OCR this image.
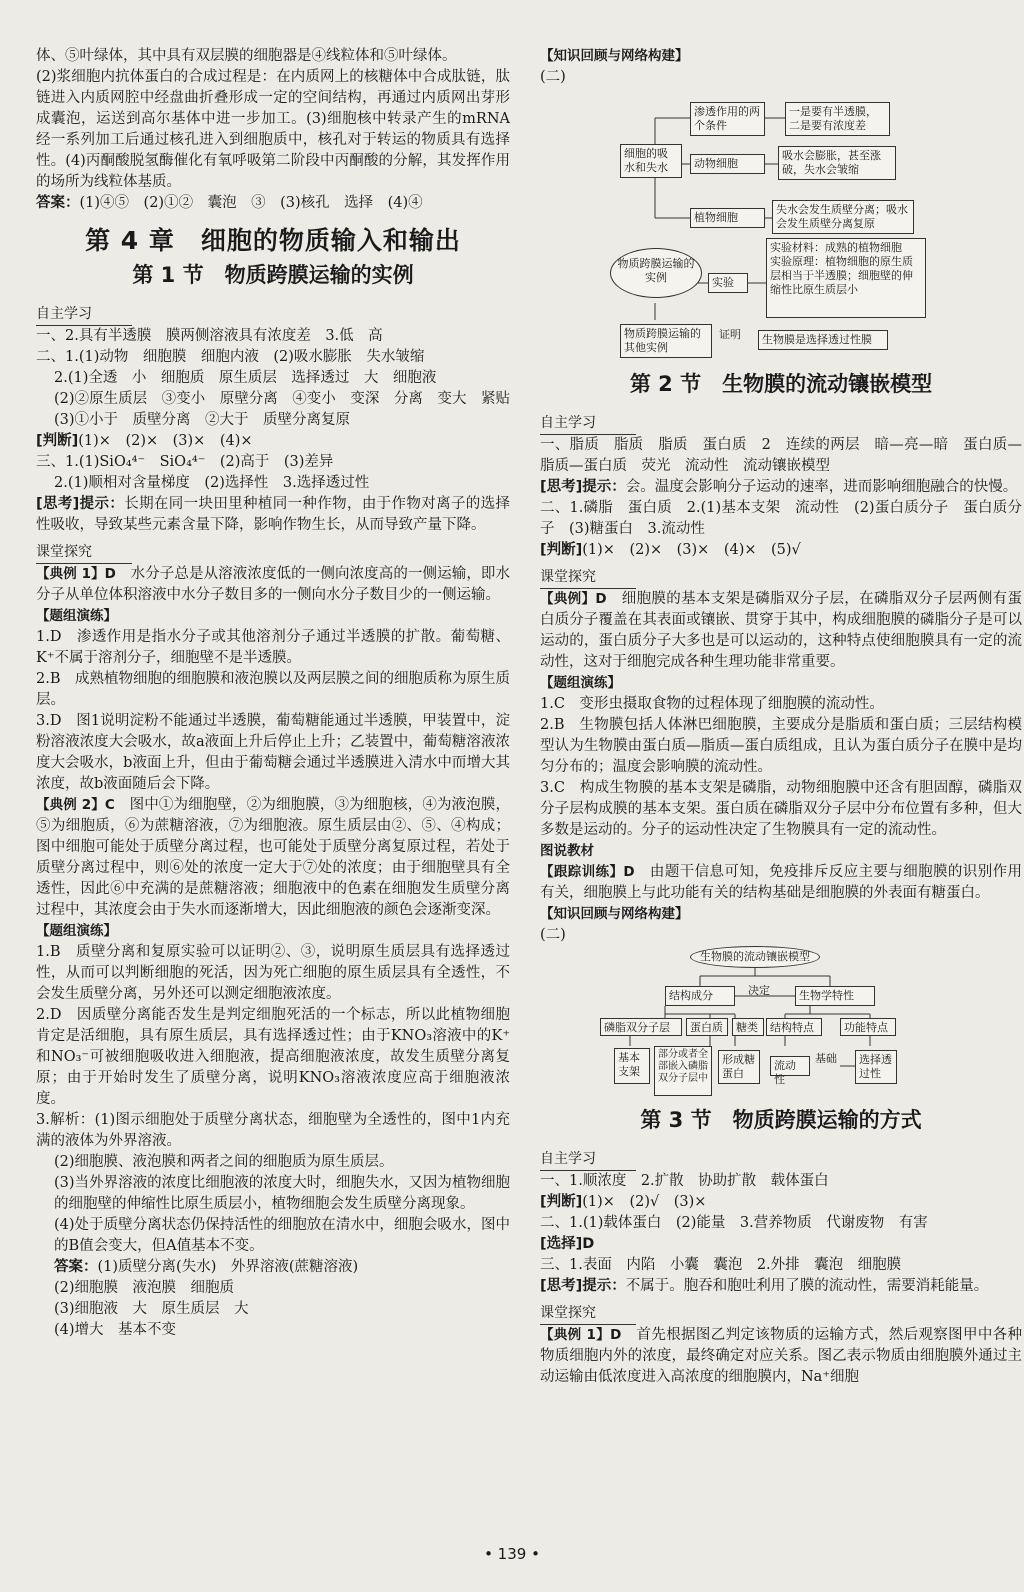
体、⑤叶绿体，其中具有双层膜的细胞器是④线粒体和⑤叶绿体。

(2)浆细胞内抗体蛋白的合成过程是：在内质网上的核糖体中合成肽链，肽链进入内质网腔中经盘曲折叠形成一定的空间结构，再通过内质网出芽形成囊泡，运送到高尔基体中进一步加工。(3)细胞核中转录产生的mRNA经一系列加工后通过核孔进入到细胞质中，核孔对于转运的物质具有选择性。(4)丙酮酸脱氢酶催化有氧呼吸第二阶段中丙酮酸的分解，其发挥作用的场所为线粒体基质。

答案：(1)④⑤　(2)①②　囊泡　③　(3)核孔　选择　(4)④

第 4 章　细胞的物质输入和输出
第 1 节　物质跨膜运输的实例
自主学习

一、2.具有半透膜　膜两侧溶液具有浓度差　3.低　高

二、1.(1)动物　细胞膜　细胞内液　(2)吸水膨胀　失水皱缩

2.(1)全透　小　细胞质　原生质层　选择透过　大　细胞液

(2)②原生质层　③变小　原壁分离　④变小　变深　分离　变大　紧贴　(3)①小于　质壁分离　②大于　质壁分离复原

[判断](1)×　(2)×　(3)×　(4)×

三、1.(1)SiO₄⁴⁻　SiO₄⁴⁻　(2)高于　(3)差异

2.(1)顺相对含量梯度　(2)选择性　3.选择透过性

[思考]提示：长期在同一块田里种植同一种作物，由于作物对离子的选择性吸收，导致某些元素含量下降，影响作物生长，从而导致产量下降。

课堂探究

【典例 1】D　 水分子总是从溶液浓度低的一侧向浓度高的一侧运输，即水分子从单位体积溶液中水分子数目多的一侧向水分子数目少的一侧运输。

【题组演练】

1.D　渗透作用是指水分子或其他溶剂分子通过半透膜的扩散。葡萄糖、K⁺不属于溶剂分子，细胞壁不是半透膜。

2.B　成熟植物细胞的细胞膜和液泡膜以及两层膜之间的细胞质称为原生质层。

3.D　图1说明淀粉不能通过半透膜，葡萄糖能通过半透膜，甲装置中，淀粉溶液浓度大会吸水，故a液面上升后停止上升；乙装置中，葡萄糖溶液浓度大会吸水，b液面上升，但由于葡萄糖会通过半透膜进入清水中而增大其浓度，故b液面随后会下降。

【典例 2】C　 图中①为细胞壁，②为细胞膜，③为细胞核，④为液泡膜，⑤为细胞质，⑥为蔗糖溶液，⑦为细胞液。原生质层由②、⑤、④构成；图中细胞可能处于质壁分离过程，也可能处于质壁分离复原过程，若处于质壁分离过程中，则⑥处的浓度一定大于⑦处的浓度；由于细胞壁具有全透性，因此⑥中充满的是蔗糖溶液；细胞液中的色素在细胞发生质壁分离过程中，其浓度会由于失水而逐渐增大，因此细胞液的颜色会逐渐变深。

【题组演练】

1.B　质壁分离和复原实验可以证明②、③，说明原生质层具有选择透过性，从而可以判断细胞的死活，因为死亡细胞的原生质层具有全透性，不会发生质壁分离，另外还可以测定细胞液浓度。

2.D　因质壁分离能否发生是判定细胞死活的一个标志，所以此植物细胞肯定是活细胞，具有原生质层，具有选择透过性；由于KNO₃溶液中的K⁺和NO₃⁻可被细胞吸收进入细胞液，提高细胞液浓度，故发生质壁分离复原；由于开始时发生了质壁分离，说明KNO₃溶液浓度应高于细胞液浓度。

3.解析：(1)图示细胞处于质壁分离状态，细胞壁为全透性的，图中1内充满的液体为外界溶液。

(2)细胞膜、液泡膜和两者之间的细胞质为原生质层。

(3)当外界溶液的浓度比细胞液的浓度大时，细胞失水，又因为植物细胞的细胞壁的伸缩性比原生质层小，植物细胞会发生质壁分离现象。

(4)处于质壁分离状态仍保持活性的细胞放在清水中，细胞会吸水，图中的B值会变大，但A值基本不变。

答案：(1)质壁分离(失水)　外界溶液(蔗糖溶液)

(2)细胞膜　液泡膜　细胞质

(3)细胞液　大　原生质层　大

(4)增大　基本不变

【知识回顾与网络构建】

(二)

渗透作用的两个条件
一是要有半透膜，二是要有浓度差
细胞的吸水和失水	动物细胞
吸水会膨胀，甚至涨破，失水会皱缩
植物细胞
失水会发生质壁分离；吸水会发生质壁分离复原
物质跨膜运输的实例	实验
实验材料：成熟的植物细胞　实验原理：植物细胞的原生质层相当于半透膜；细胞壁的伸缩性比原生质层小
物质跨膜运输的其他实例
证明	生物膜是选择透过性膜
第 2 节　生物膜的流动镶嵌模型
自主学习

一、脂质　脂质　脂质　蛋白质　2　连续的两层　暗—亮—暗　蛋白质—脂质—蛋白质　荧光　流动性　流动镶嵌模型

[思考]提示：会。温度会影响分子运动的速率，进而影响细胞融合的快慢。

二、1.磷脂　蛋白质　2.(1)基本支架　流动性　(2)蛋白质分子　蛋白质分子　(3)糖蛋白　3.流动性

[判断](1)×　(2)×　(3)×　(4)×　(5)√

课堂探究

【典例】D　 细胞膜的基本支架是磷脂双分子层，在磷脂双分子层两侧有蛋白质分子覆盖在其表面或镶嵌、贯穿于其中，构成细胞膜的磷脂分子是可以运动的，蛋白质分子大多也是可以运动的，这种特点使细胞膜具有一定的流动性，这对于细胞完成各种生理功能非常重要。

【题组演练】

1.C　变形虫摄取食物的过程体现了细胞膜的流动性。

2.B　生物膜包括人体淋巴细胞膜，主要成分是脂质和蛋白质；三层结构模型认为生物膜由蛋白质—脂质—蛋白质组成，且认为蛋白质分子在膜中是均匀分布的；温度会影响膜的流动性。

3.C　构成生物膜的基本支架是磷脂，动物细胞膜中还含有胆固醇，磷脂双分子层构成膜的基本支架。蛋白质在磷脂双分子层中分布位置有多种，但大多数是运动的。分子的运动性决定了生物膜具有一定的流动性。

图说教材

【跟踪训练】D　 由题干信息可知，免疫排斥反应主要与细胞膜的识别作用有关，细胞膜上与此功能有关的结构基础是细胞膜的外表面有糖蛋白。

【知识回顾与网络构建】

(二)

生物膜的流动镶嵌模型
结构成分	决定	生物学特性
磷脂双分子层	蛋白质	糖类	结构特点	功能特点
基本支架
部分或者全部嵌入磷脂双分子层中
形成糖蛋白
流动性
基础	选择透过性
第 3 节　物质跨膜运输的方式
自主学习

一、1.顺浓度　2.扩散　协助扩散　载体蛋白

[判断](1)×　(2)√　(3)×

二、1.(1)载体蛋白　(2)能量　3.营养物质　代谢废物　有害

[选择]D

三、1.表面　内陷　小囊　囊泡　2.外排　囊泡　细胞膜

[思考]提示：不属于。胞吞和胞吐利用了膜的流动性，需要消耗能量。

课堂探究

【典例 1】D　 首先根据图乙判定该物质的运输方式，然后观察图甲中各种物质细胞内外的浓度，最终确定对应关系。图乙表示物质由细胞膜外通过主动运输由低浓度进入高浓度的细胞膜内，Na⁺细胞

• 139 •
